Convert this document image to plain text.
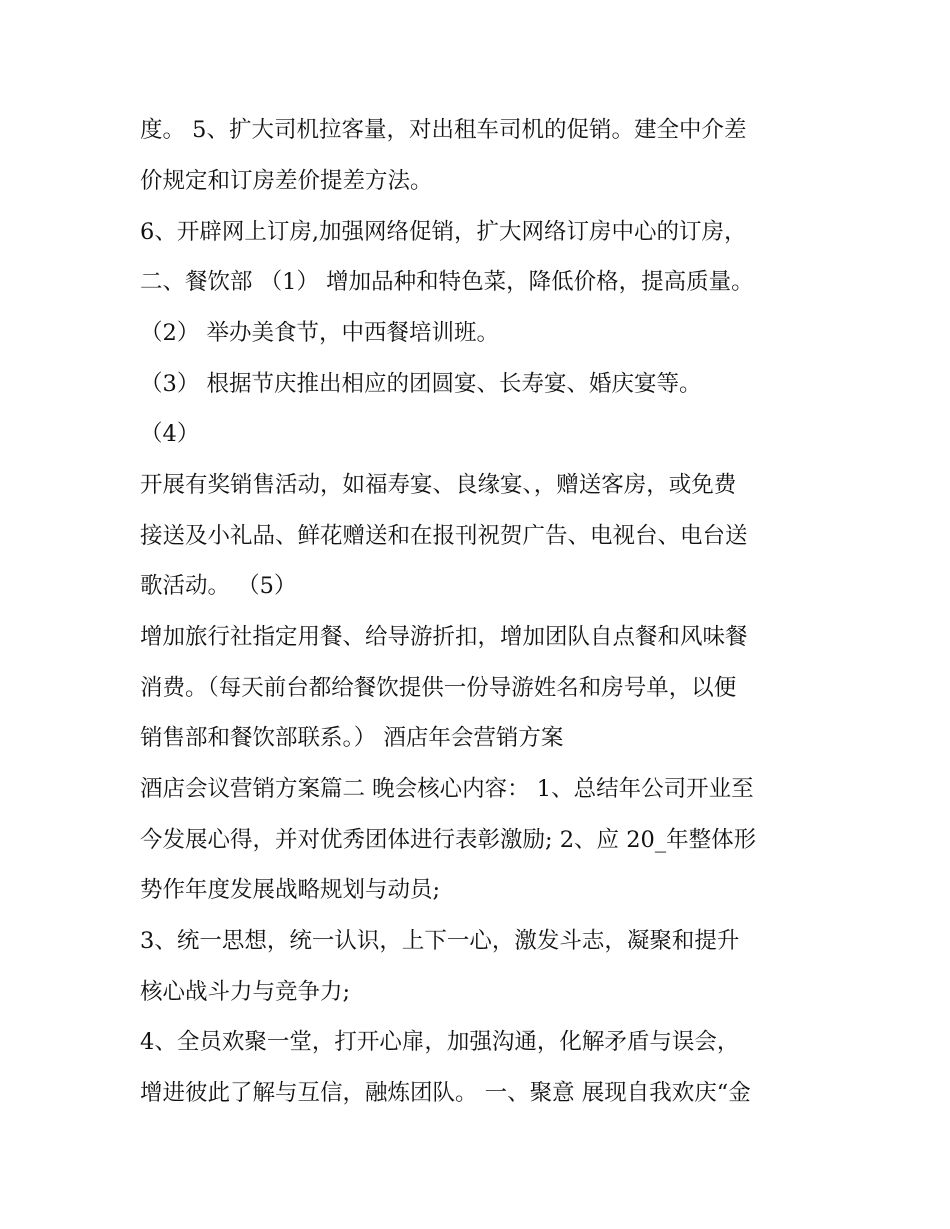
度。 5、扩大司机拉客量，对出租车司机的促销。建全中介差
价规定和订房差价提差方法。
6、开辟网上订房,加强网络促销，扩大网络订房中心的订房，
二、餐饮部 （1） 增加品种和特色菜，降低价格，提高质量。
（2） 举办美食节，中西餐培训班。
（3） 根据节庆推出相应的团圆宴、长寿宴、婚庆宴等。
（4）
开展有奖销售活动，如福寿宴、良缘宴、，赠送客房，或免费
接送及小礼品、鲜花赠送和在报刊祝贺广告、电视台、电台送
歌活动。 （5）
增加旅行社指定用餐、给导游折扣，增加团队自点餐和风味餐
消费。（每天前台都给餐饮提供一份导游姓名和房号单，以便
销售部和餐饮部联系。） 酒店年会营销方案
酒店会议营销方案篇二 晚会核心内容： 1、总结年公司开业至
今发展心得，并对优秀团体进行表彰激励; 2、应 20_年整体形
势作年度发展战略规划与动员;
3、统一思想，统一认识，上下一心，激发斗志，凝聚和提升
核心战斗力与竞争力;
4、全员欢聚一堂，打开心扉，加强沟通，化解矛盾与误会，
增进彼此了解与互信，融炼团队。 一、聚意 展现自我欢庆“金
